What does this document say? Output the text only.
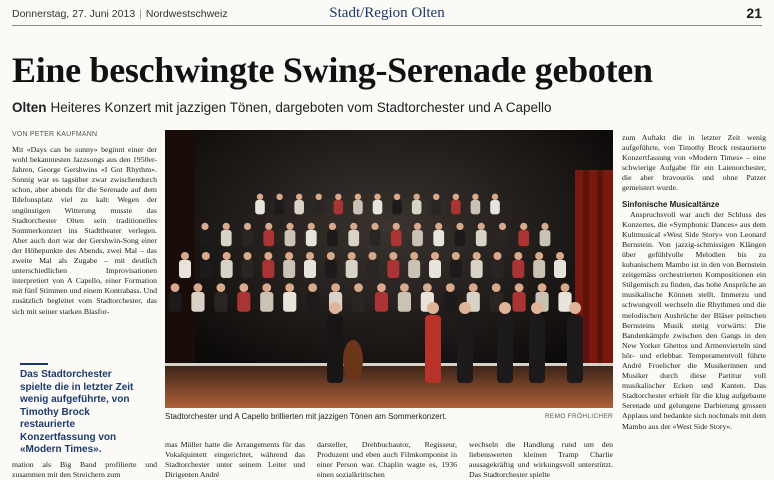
Donnerstag, 27. Juni 2013 | Nordwestschweiz	Stadt/Region Olten	21
Eine beschwingte Swing-Serenade geboten
Olten Heiteres Konzert mit jazzigen Tönen, dargeboten vom Stadtorchester und A Capello
VON PETER KAUFMANN

Mit «Days can be sunny» beginnt einer der wohl bekanntesten Jazzsongs aus den 1950er-Jahren, George Gershwins «I Got Rhythm». Sonnig war es tagsüber zwar zwischendurch schon, aber abends für die Serenade auf dem Ildefonsplatz viel zu kalt: Wegen der ungünstigen Witterung musste das Stadtorchester Olten sein traditionelles Sommerkonzert ins Stadttheater verlegen. Aber auch dort war der Gershwin-Song einer der Höhepunkte des Abends, zwei Mal – das zweite Mal als Zugabe – mit deutlich unterschiedlichen Improvisationen interpretiert von A Capello, einer Formation mit fünf Stimmen und einem Kontrabass. Und zusätzlich begleitet vom Stadtorchester, das sich mit seiner starken Blasfor-

Das Stadtorchester spielte die in letzter Zeit wenig aufgeführte, von Timothy Brock restaurierte Konzertfassung von «Modern Times».

mation als Big Band profilierte und zusammen mit den Streichern zum

Stadtorchester und A Capello brillierten mit jazzigen Tönen am Sommerkonzert.	REMO FRÖHLICHER

mas Müller hatte die Arrangements für das Vokalquintett eingerichtet, während das Stadtorchester unter seinem Leiter und Dirigenten André

darsteller, Drehbuchautor, Regisseur, Produzent und eben auch Filmkomponist in einer Person war. Chaplin wagte es, 1936 einen sozialkritischen

wechseln die Handlung rund um den liebenswerten kleinen Tramp Charlie aussagekräftig und wirkungsvoll unterstützt. Das Stadtorchester spielte

zum Auftakt die in letzter Zeit wenig aufgeführte, von Timothy Brock restaurierte Konzertfassung von «Modern Times» – eine schwierige Aufgabe für ein Laienorchester, die aber bravourös und ohne Patzer gemeistert wurde.

Sinfonische Musicaltänze

Anspruchsvoll war auch der Schluss des Konzertes, die «Symphonic Dances» aus dem Kultmusical «West Side Story» von Leonard Bernstein. Von jazzig-schmissigen Klängen über gefühlvolle Melodien bis zu kubanischem Mambo ist in den von Bernstein zeitgemäss orchestrierten Kompositionen ein Stilgemisch zu finden, das hohe Ansprüche an musikalische Können stellt. Immerzu und schwungvoll wechseln die Rhythmen und die melodischen Ausbrüche der Bläser peitschen Bernsteins Musik stetig vorwärts: Die Bandenkämpfe zwischen den Gangs in den New Yorker Ghettos und Armenvierteln sind hör- und erlebbar. Temperamentvoll führte André Froelicher die Musikerinnen und Musiker durch diese Partitur voll musikalischer Ecken und Kanten. Das Stadtorchester erhielt für die klug aufgebaute Serenade und gelungene Darbietung grossen Applaus und bedankte sich nochmals mit dem Mambo aus der «West Side Story».
